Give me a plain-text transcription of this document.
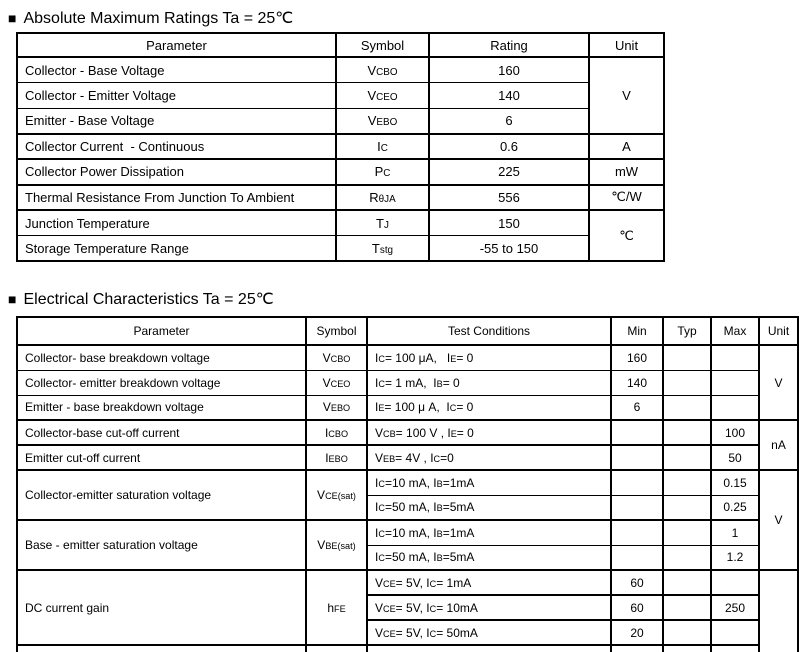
■ Absolute Maximum Ratings Ta = 25℃
Parameter	Symbol	Rating	Unit
Collector - Base Voltage	VCBO	160	V
Collector - Emitter Voltage	VCEO	140	
Emitter - Base Voltage	VEBO	6	
Collector Current  - Continuous	IC	0.6	A
Collector Power Dissipation	PC	225	mW
Thermal Resistance From Junction To Ambient	RθJA	556	℃/W
Junction Temperature	TJ	150	℃
Storage Temperature Range	Tstg	-55 to 150	
■ Electrical Characteristics Ta = 25℃
Parameter	Symbol	Test Conditions	Min	Typ	Max	Unit
Collector- base breakdown voltage	VCBO	IC= 100 μA,   IE= 0	160			V
Collector- emitter breakdown voltage	VCEO	IC= 1 mA,  IB= 0	140			
Emitter - base breakdown voltage	VEBO	IE= 100 μ A,  IC= 0	6			
Collector-base cut-off current	ICBO	VCB= 100 V , IE= 0			100	nA
Emitter cut-off current	IEBO	VEB= 4V , IC=0			50	
Collector-emitter saturation voltage	VCE(sat)	IC=10 mA, IB=1mA			0.15	V
		IC=50 mA, IB=5mA			0.25	
Base - emitter saturation voltage	VBE(sat)	IC=10 mA, IB=1mA			1	
		IC=50 mA, IB=5mA			1.2	
DC current gain	hFE	VCE= 5V, IC= 1mA	60			
		VCE= 5V, IC= 10mA	60		250	
		VCE= 5V, IC= 50mA	20			
